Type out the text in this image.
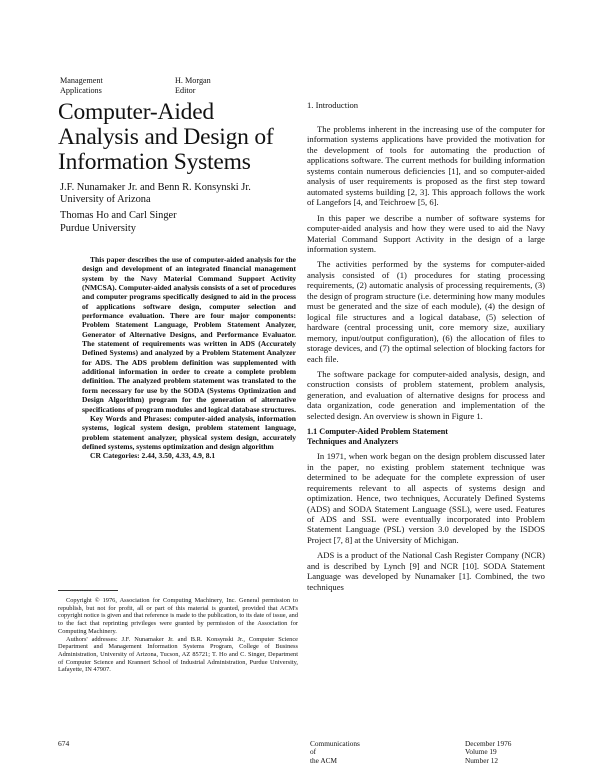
Management
Applications
H. Morgan
Editor
Computer-Aided Analysis and Design of Information Systems
J.F. Nunamaker Jr. and Benn R. Konsynski Jr.
University of Arizona
Thomas Ho and Carl Singer
Purdue University

This paper describes the use of computer-aided analysis for the design and development of an integrated financial management system by the Navy Material Command Support Activity (NMCSA). Computer-aided analysis consists of a set of procedures and computer programs specifically designed to aid in the process of applications software design, computer selection and performance evaluation. There are four major components: Problem Statement Language, Problem Statement Analyzer, Generator of Alternative Designs, and Performance Evaluator. The statement of requirements was written in ADS (Accurately Defined Systems) and analyzed by a Problem Statement Analyzer for ADS. The ADS problem definition was supplemented with additional information in order to create a complete problem definition. The analyzed problem statement was translated to the form necessary for use by the SODA (Systems Optimization and Design Algorithm) program for the generation of alternative specifications of program modules and logical database structures.

Key Words and Phrases: computer-aided analysis, information systems, logical system design, problem statement language, problem statement analyzer, physical system design, accurately defined systems, systems optimization and design algorithm

CR Categories: 2.44, 3.50, 4.33, 4.9, 8.1

Copyright © 1976, Association for Computing Machinery, Inc. General permission to republish, but not for profit, all or part of this material is granted, provided that ACM's copyright notice is given and that reference is made to the publication, to its date of issue, and to the fact that reprinting privileges were granted by permission of the Association for Computing Machinery.

Authors' addresses: J.F. Nunamaker Jr. and B.R. Konsynski Jr., Computer Science Department and Management Information Systems Program, College of Business Administration, University of Arizona, Tucson, AZ 85721; T. Ho and C. Singer, Department of Computer Science and Krannert School of Industrial Administration, Purdue University, Lafayette, IN 47907.

1. Introduction

The problems inherent in the increasing use of the computer for information systems applications have provided the motivation for the development of tools for automating the production of applications software. The current methods for building information systems contain numerous deficiencies [1], and so computer-aided analysis of user requirements is proposed as the first step toward automated systems building [2, 3]. This approach follows the work of Langefors [4, and Teichroew [5, 6].

In this paper we describe a number of software systems for computer-aided analysis and how they were used to aid the Navy Material Command Support Activity in the design of a large information system.

The activities performed by the systems for computer-aided analysis consisted of (1) procedures for stating processing requirements, (2) automatic analysis of processing requirements, (3) the design of program structure (i.e. determining how many modules must be generated and the size of each module), (4) the design of logical file structures and a logical database, (5) selection of hardware (central processing unit, core memory size, auxiliary memory, input/output configuration), (6) the allocation of files to storage devices, and (7) the optimal selection of blocking factors for each file.

The software package for computer-aided analysis, design, and construction consists of problem statement, problem analysis, generation, and evaluation of alternative designs for process and data organization, code generation and implementation of the selected design. An overview is shown in Figure 1.

1.1 Computer-Aided Problem Statement
Techniques and Analyzers

In 1971, when work began on the design problem discussed later in the paper, no existing problem statement technique was determined to be adequate for the complete expression of user requirements relevant to all aspects of systems design and optimization. Hence, two techniques, Accurately Defined Systems (ADS) and SODA Statement Language (SSL), were used. Features of ADS and SSL were eventually incorporated into Problem Statement Language (PSL) version 3.0 developed by the ISDOS Project [7, 8] at the University of Michigan.

ADS is a product of the National Cash Register Company (NCR) and is described by Lynch [9] and NCR [10]. SODA Statement Language was developed by Nunamaker [1]. Combined, the two techniques

674	Communications
of
the ACM
December 1976
Volume 19
Number 12
